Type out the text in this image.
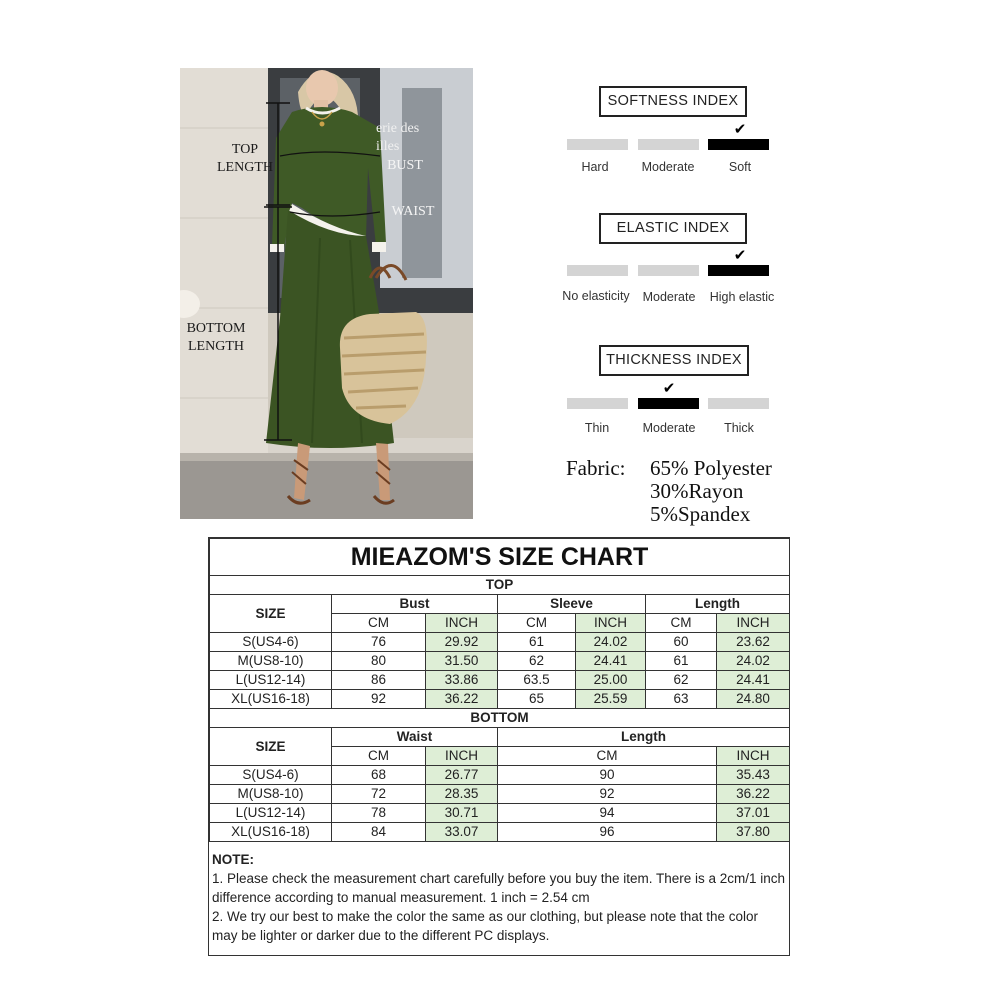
TOP
LENGTH
erie des
illes
BUST
WAIST
BOTTOM
LENGTH
SOFTNESS INDEX
✔
Hard	Moderate	Soft
ELASTIC INDEX
✔
No elasticity	Moderate	High elastic
THICKNESS INDEX
✔
Thin	Moderate	Thick
Fabric: 65% Polyester
30%Rayon
5%Spandex
MIEAZOM'S SIZE CHART						
TOP						
SIZE	Bust		Sleeve		Length	
	CM	INCH	CM	INCH	CM	INCH
S(US4-6)	76	29.92	61	24.02	60	23.62
M(US8-10)	80	31.50	62	24.41	61	24.02
L(US12-14)	86	33.86	63.5	25.00	62	24.41
XL(US16-18)	92	36.22	65	25.59	63	24.80
BOTTOM						
SIZE	Waist		Length			
	CM	INCH	CM			INCH
S(US4-6)	68	26.77	90			35.43
M(US8-10)	72	28.35	92			36.22
L(US12-14)	78	30.71	94			37.01
XL(US16-18)	84	33.07	96			37.80
NOTE:
1. Please check the measurement chart carefully before you buy the item. There is a 2cm/1 inch difference according to manual measurement. 1 inch = 2.54 cm
2. We try our best to make the color the same as our clothing, but please note that the color may be lighter or darker due to the different PC displays.
